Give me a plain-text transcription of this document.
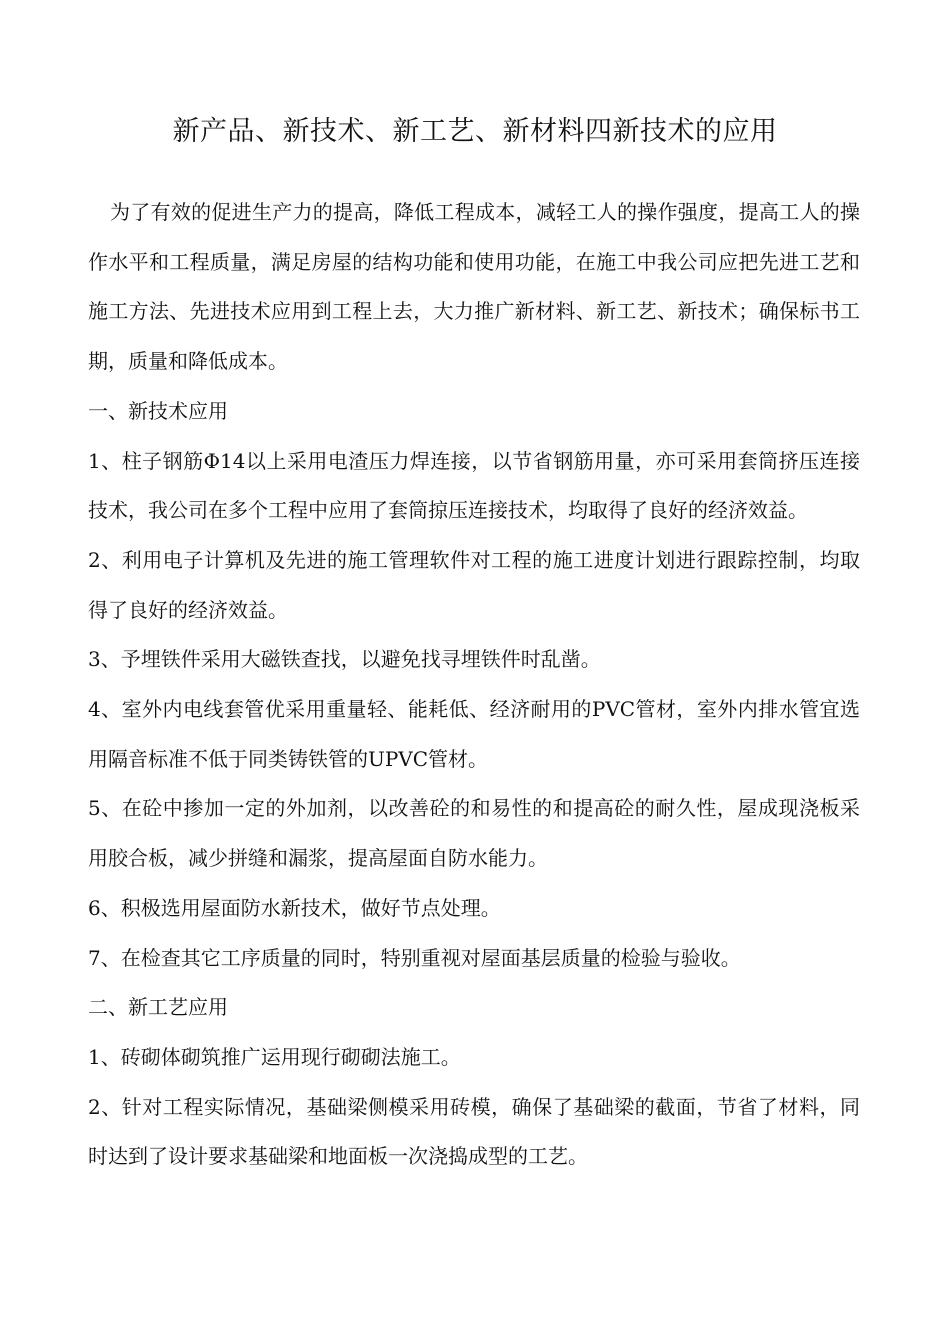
新产品、新技术、新工艺、新材料四新技术的应用

为了有效的促进生产力的提高，降低工程成本，减轻工人的操作强度，提高工人的操作水平和工程质量，满足房屋的结构功能和使用功能，在施工中我公司应把先进工艺和施工方法、先进技术应用到工程上去，大力推广新材料、新工艺、新技术；确保标书工期，质量和降低成本。

一、新技术应用

1、柱子钢筋Φ14以上采用电渣压力焊连接，以节省钢筋用量，亦可采用套筒挤压连接技术，我公司在多个工程中应用了套筒掠压连接技术，均取得了良好的经济效益。

2、利用电子计算机及先进的施工管理软件对工程的施工进度计划进行跟踪控制，均取得了良好的经济效益。

3、予埋铁件采用大磁铁查找，以避免找寻埋铁件时乱凿。

4、室外内电线套管优采用重量轻、能耗低、经济耐用的PVC管材，室外内排水管宜选用隔音标准不低于同类铸铁管的UPVC管材。

5、在砼中掺加一定的外加剂，以改善砼的和易性的和提高砼的耐久性，屋成现浇板采用胶合板，减少拼缝和漏浆，提高屋面自防水能力。

6、积极选用屋面防水新技术，做好节点处理。

7、在检查其它工序质量的同时，特别重视对屋面基层质量的检验与验收。

二、新工艺应用

1、砖砌体砌筑推广运用现行砌砌法施工。

2、针对工程实际情况，基础梁侧模采用砖模，确保了基础梁的截面，节省了材料，同时达到了设计要求基础梁和地面板一次浇捣成型的工艺。
